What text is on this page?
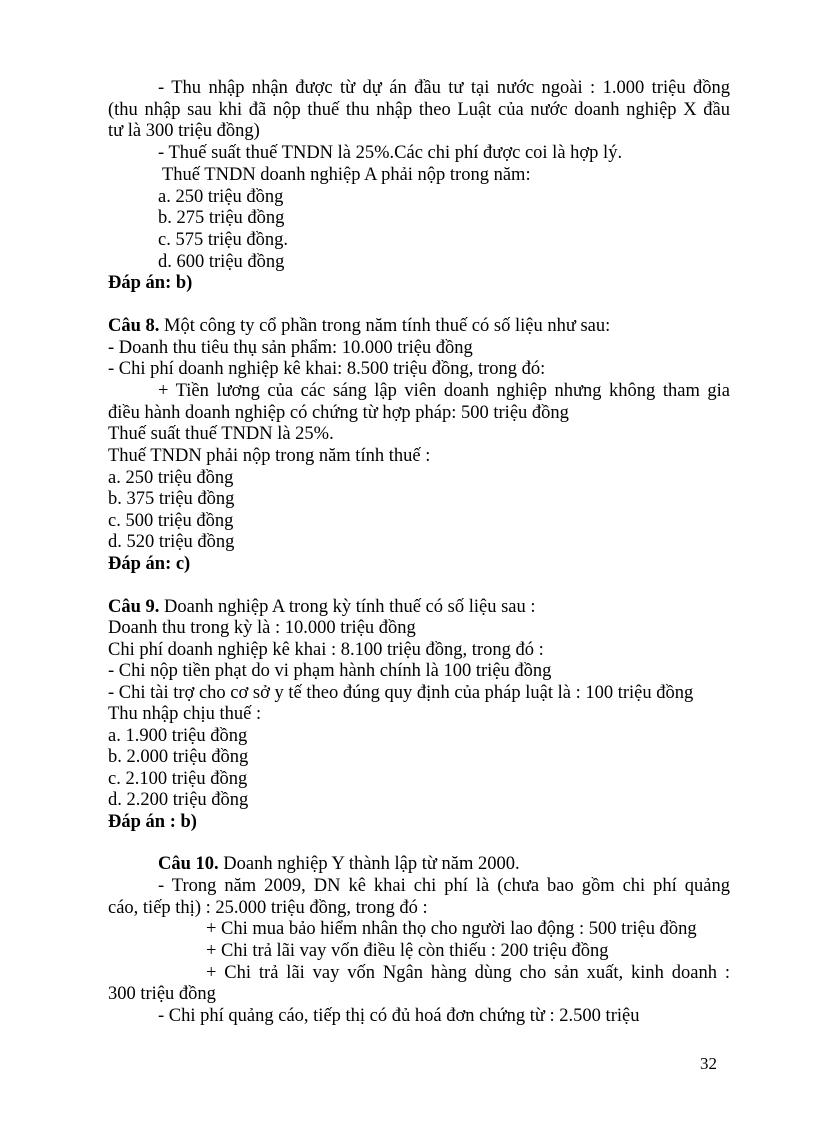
- Thu nhập nhận được từ dự án đầu tư tại nước ngoài : 1.000 triệu đồng
(thu nhập sau khi đã nộp thuế thu nhập theo Luật của nước doanh nghiệp X đầu
tư là 300 triệu đồng)
- Thuế suất thuế TNDN là 25%.Các chi phí được coi là hợp lý.
Thuế TNDN doanh nghiệp A phải nộp trong năm:
a. 250 triệu đồng
b. 275 triệu đồng
c. 575 triệu đồng.
d. 600 triệu đồng
Đáp án: b)
Câu 8. Một công ty cổ phần trong năm tính thuế có số liệu như sau:
- Doanh thu tiêu thụ sản phẩm: 10.000 triệu đồng
- Chi phí doanh nghiệp kê khai: 8.500 triệu đồng, trong đó:
+ Tiền lương của các sáng lập viên doanh nghiệp nhưng không tham gia
điều hành doanh nghiệp có chứng từ hợp pháp: 500 triệu đồng
Thuế suất thuế TNDN là 25%.
Thuế TNDN phải nộp trong năm tính thuế :
a. 250 triệu đồng
b. 375 triệu đồng
c. 500 triệu đồng
d. 520 triệu đồng
Đáp án: c)
Câu 9. Doanh nghiệp A trong kỳ tính thuế có số liệu sau :
Doanh thu trong kỳ là : 10.000 triệu đồng
Chi phí doanh nghiệp kê khai : 8.100 triệu đồng, trong đó :
- Chi nộp tiền phạt do vi phạm hành chính là 100 triệu đồng
- Chi tài trợ cho cơ sở y tế theo đúng quy định của pháp luật là : 100 triệu đồng
Thu nhập chịu thuế :
a. 1.900 triệu đồng
b. 2.000 triệu đồng
c. 2.100 triệu đồng
d. 2.200 triệu đồng
Đáp án : b)
Câu 10. Doanh nghiệp Y thành lập từ năm 2000.
- Trong năm 2009, DN kê khai chi phí là (chưa bao gồm chi phí quảng
cáo, tiếp thị) : 25.000 triệu đồng, trong đó :
+ Chi mua bảo hiểm nhân thọ cho người lao động : 500 triệu đồng
+ Chi trả lãi vay vốn điều lệ còn thiếu : 200 triệu đồng
+ Chi trả lãi vay vốn Ngân hàng dùng cho sản xuất, kinh doanh :
300 triệu đồng
- Chi phí quảng cáo, tiếp thị có đủ hoá đơn chứng từ : 2.500 triệu
32
